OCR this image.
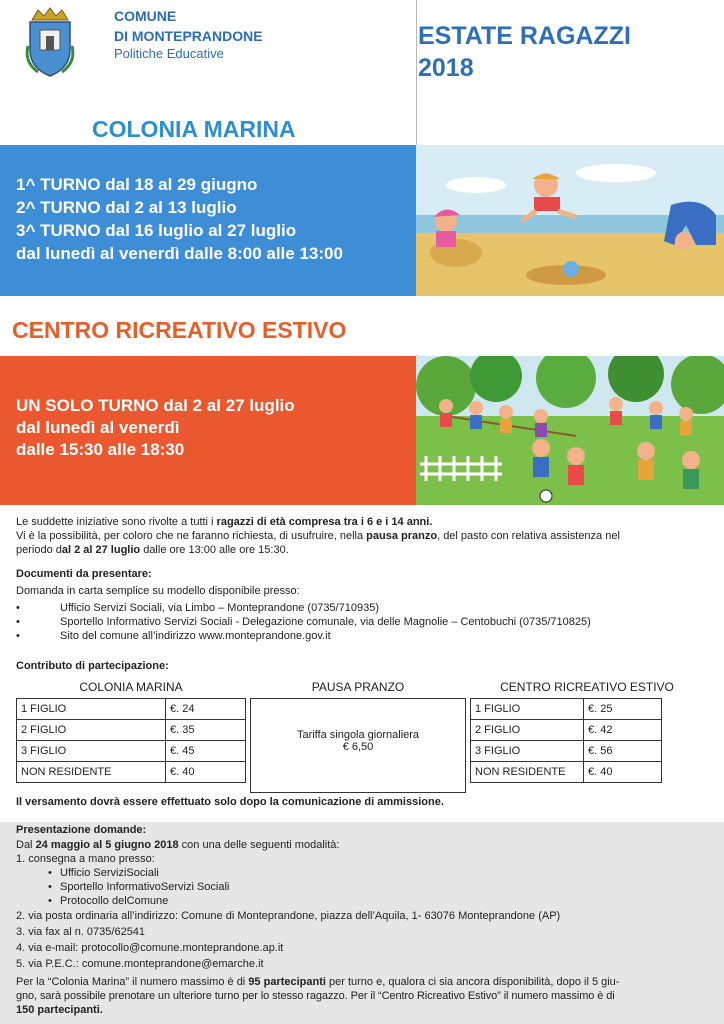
COMUNE
DI MONTEPRANDONE
Politiche Educative
ESTATE RAGAZZI
2018
COLONIA MARINA
1^ TURNO dal 18 al 29 giugno
2^ TURNO dal 2 al 13 luglio
3^ TURNO dal 16 luglio al 27 luglio
dal lunedì al venerdì dalle 8:00 alle 13:00
CENTRO RICREATIVO ESTIVO
UN SOLO TURNO dal 2 al 27 luglio
dal lunedì al venerdì
dalle 15:30 alle 18:30
Le suddette iniziative sono rivolte a tutti i ragazzi di età compresa tra i 6 e i 14 anni.
Vi è la possibilità, per coloro che ne faranno richiesta, di usufruire, nella pausa pranzo, del pasto con relativa assistenza nel
periodo dal 2 al 27 luglio dalle ore 13:00 alle ore 15:30.
Documenti da presentare:
Domanda in carta semplice su modello disponibile presso:
•	Ufficio Servizi Sociali, via Limbo – Monteprandone (0735/710935)
•	Sportello Informativo Servizi Sociali - Delegazione comunale, via delle Magnolie – Centobuchi (0735/710825)
•	Sito del comune all’indirizzo www.monteprandone.gov.it
Contributo di partecipazione:
COLONIA MARINA	PAUSA PRANZO	CENTRO RICREATIVO ESTIVO
1 FIGLIO	€. 24
2 FIGLIO	€. 35
3 FIGLIO	€. 45
NON RESIDENTE	€. 40
Tariffa singola giornaliera
€ 6,50
1 FIGLIO	€. 25
2 FIGLIO	€. 42
3 FIGLIO	€. 56
NON RESIDENTE	€. 40
Il versamento dovrà essere effettuato solo dopo la comunicazione di ammissione.
Presentazione domande:
Dal 24 maggio al 5 giugno 2018 con una delle seguenti modalità:
1. consegna a mano presso:
• Ufficio ServiziSociali
• Sportello InformativoServizi Sociali
• Protocollo delComune
2. via posta ordinaria all’indirizzo: Comune di Monteprandone, piazza dell’Aquila, 1- 63076 Monteprandone (AP)
3. via fax al n. 0735/62541
4. via e-mail: protocollo@comune.monteprandone.ap.it
5. via P.E.C.: comune.monteprandone@emarche.it
Per la “Colonia Marina” il numero massimo è di 95 partecipanti per turno e, qualora ci sia ancora disponibilità, dopo il 5 giu-
gno, sarà possibile prenotare un ulteriore turno per lo stesso ragazzo. Per il “Centro Ricreativo Estivo” il numero massimo è di
150 partecipanti.
